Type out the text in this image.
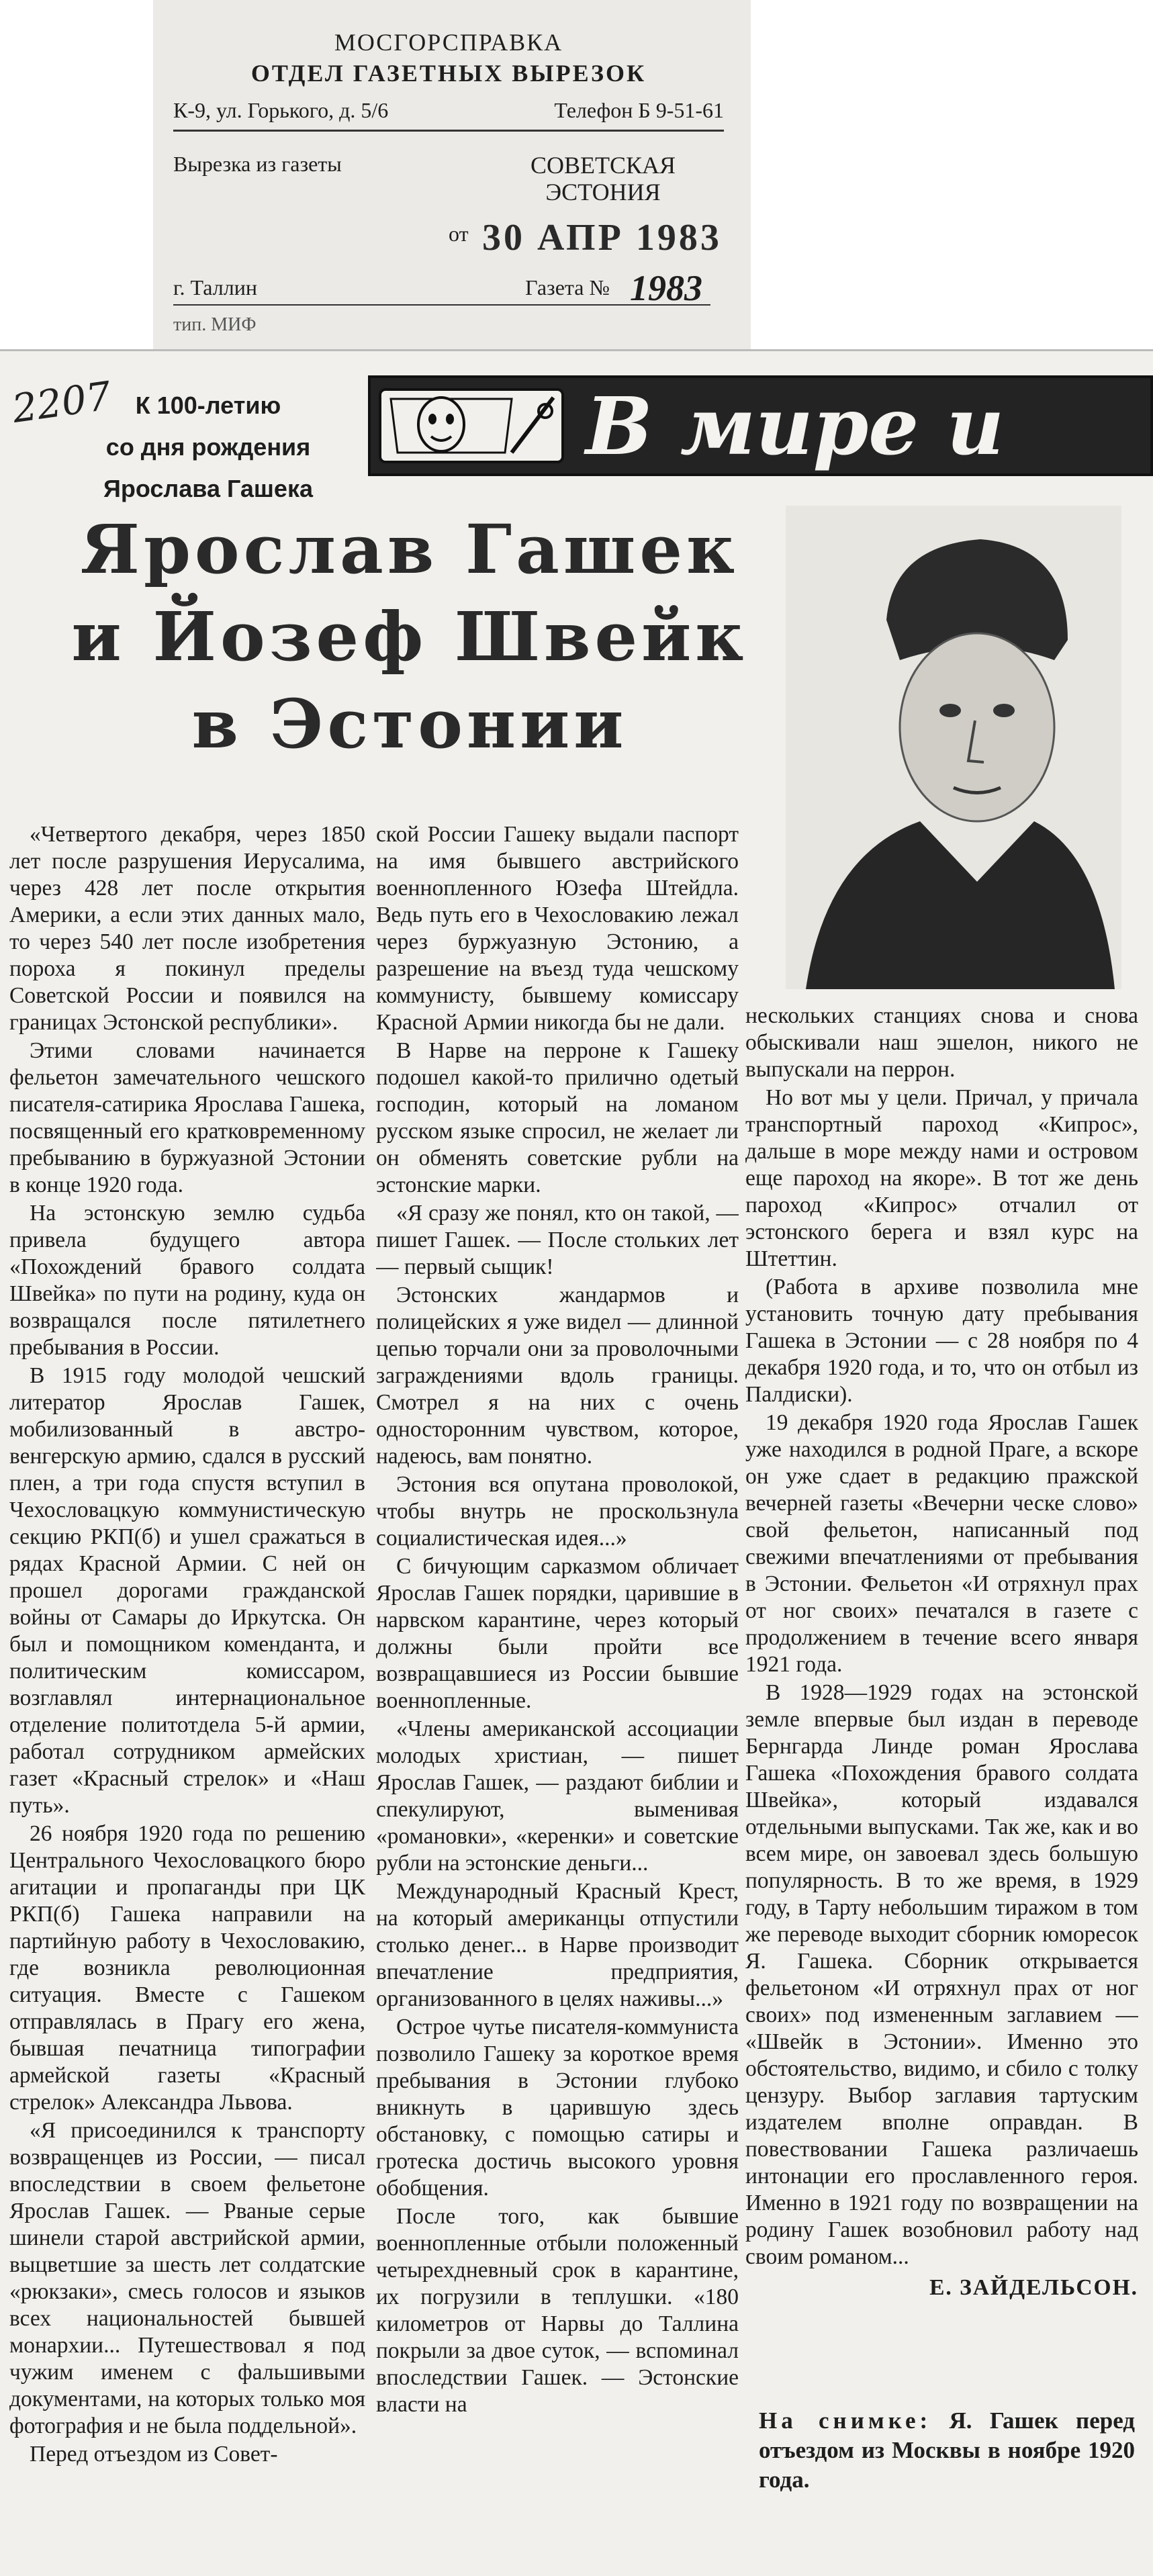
МОСГОРСПРАВКА
ОТДЕЛ ГАЗЕТНЫХ ВЫРЕЗОК
К-9, ул. Горького, д. 5/6	Телефон Б 9-51-61
Вырезка из газеты	СОВЕТСКАЯ ЭСТОНИЯ
от 30 АПР 1983
г. Таллин	Газета № 1983
тип. МИФ
2207 К 100-летию
со дня рождения
Ярослава Гашека
В мире и
Ярослав Гашек
и Йозеф Швейк
в Эстонии

«Четвертого декабря, через 1850 лет после разрушения Иерусалима, через 428 лет после открытия Америки, а если этих данных мало, то через 540 лет после изобретения пороха я покинул пределы Советской России и появился на границах Эстонской республики».

Этими словами начинается фельетон замечательного чешского писателя-сатирика Ярослава Гашека, посвященный его кратковременному пребыванию в буржуазной Эстонии в конце 1920 года.

На эстонскую землю судьба привела будущего автора «Похождений бравого солдата Швейка» по пути на родину, куда он возвращался после пятилетнего пребывания в России.

В 1915 году молодой чешский литератор Ярослав Гашек, мобилизованный в австро-венгерскую армию, сдался в русский плен, а три года спустя вступил в Чехословацкую коммунистическую секцию РКП(б) и ушел сражаться в рядах Красной Армии. С ней он прошел дорогами гражданской войны от Самары до Иркутска. Он был и помощником коменданта, и политическим комиссаром, возглавлял интернациональное отделение политотдела 5-й армии, работал сотрудником армейских газет «Красный стрелок» и «Наш путь».

26 ноября 1920 года по решению Центрального Чехословацкого бюро агитации и пропаганды при ЦК РКП(б) Гашека направили на партийную работу в Чехословакию, где возникла революционная ситуация. Вместе с Гашеком отправлялась в Прагу его жена, бывшая печатница типографии армейской газеты «Красный стрелок» Александра Львова.

«Я присоединился к транспорту возвращенцев из России, — писал впоследствии в своем фельетоне Ярослав Гашек. — Рваные серые шинели старой австрийской армии, выцветшие за шесть лет солдатские «рюкзаки», смесь голосов и языков всех национальностей бывшей монархии... Путешествовал я под чужим именем с фальшивыми документами, на которых только моя фотография и не была поддельной».

Перед отъездом из Совет-

ской России Гашеку выдали паспорт на имя бывшего австрийского военнопленного Юзефа Штейдла. Ведь путь его в Чехословакию лежал через буржуазную Эстонию, а разрешение на въезд туда чешскому коммунисту, бывшему комиссару Красной Армии никогда бы не дали.

В Нарве на перроне к Гашеку подошел какой-то прилично одетый господин, который на ломаном русском языке спросил, не желает ли он обменять советские рубли на эстонские марки.

«Я сразу же понял, кто он такой, — пишет Гашек. — После стольких лет — первый сыщик!

Эстонских жандармов и полицейских я уже видел — длинной цепью торчали они за проволочными заграждениями вдоль границы. Смотрел я на них с очень односторонним чувством, которое, надеюсь, вам понятно.

Эстония вся опутана проволокой, чтобы внутрь не проскользнула социалистическая идея...»

С бичующим сарказмом обличает Ярослав Гашек порядки, царившие в нарвском карантине, через который должны были пройти все возвращавшиеся из России бывшие военнопленные.

«Члены американской ассоциации молодых христиан, — пишет Ярослав Гашек, — раздают библии и спекулируют, выменивая «романовки», «керенки» и советские рубли на эстонские деньги...

Международный Красный Крест, на который американцы отпустили столько денег... в Нарве производит впечатление предприятия, организованного в целях наживы...»

Острое чутье писателя-коммуниста позволило Гашеку за короткое время пребывания в Эстонии глубоко вникнуть в царившую здесь обстановку, с помощью сатиры и гротеска достичь высокого уровня обобщения.

После того, как бывшие военнопленные отбыли положенный четырехдневный срок в карантине, их погрузили в теплушки. «180 километров от Нарвы до Таллина покрыли за двое суток, — вспоминал впоследствии Гашек. — Эстонские власти на

нескольких станциях снова и снова обыскивали наш эшелон, никого не выпускали на перрон.

Но вот мы у цели. Причал, у причала транспортный пароход «Кипрос», дальше в море между нами и островом еще пароход на якоре». В тот же день пароход «Кипрос» отчалил от эстонского берега и взял курс на Штеттин.

(Работа в архиве позволила мне установить точную дату пребывания Гашека в Эстонии — с 28 ноября по 4 декабря 1920 года, и то, что он отбыл из Палдиски).

19 декабря 1920 года Ярослав Гашек уже находился в родной Праге, а вскоре он уже сдает в редакцию пражской вечерней газеты «Вечерни ческе слово» свой фельетон, написанный под свежими впечатлениями от пребывания в Эстонии. Фельетон «И отряхнул прах от ног своих» печатался в газете с продолжением в течение всего января 1921 года.

В 1928—1929 годах на эстонской земле впервые был издан в переводе Бернгарда Линде роман Ярослава Гашека «Похождения бравого солдата Швейка», который издавался отдельными выпусками. Так же, как и во всем мире, он завоевал здесь большую популярность. В то же время, в 1929 году, в Тарту небольшим тиражом в том же переводе выходит сборник юморесок Я. Гашека. Сборник открывается фельетоном «И отряхнул прах от ног своих» под измененным заглавием — «Швейк в Эстонии». Именно это обстоятельство, видимо, и сбило с толку цензуру. Выбор заглавия тартуским издателем вполне оправдан. В повествовании Гашека различаешь интонации его прославленного героя. Именно в 1921 году по возвращении на родину Гашек возобновил работу над своим романом...

Е. ЗАЙДЕЛЬСОН.
На снимке: Я. Гашек перед отъездом из Москвы в ноябре 1920 года.
